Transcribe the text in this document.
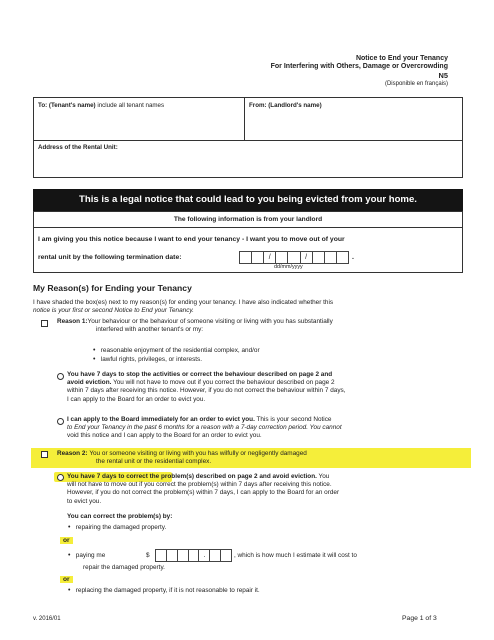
Notice to End your Tenancy
For Interfering with Others, Damage or Overcrowding
N5
(Disponible en français)
To: (Tenant's name) include all tenant names	From: (Landlord's name)
Address of the Rental Unit:
This is a legal notice that could lead to you being evicted from your home.
The following information is from your landlord
I am giving you this notice because I want to end your tenancy - I want you to move out of your
rental unit by the following termination date:	/	/	.
dd/mm/yyyy
My Reason(s) for Ending your Tenancy
I have shaded the box(es) next to my reason(s) for ending your tenancy. I have also indicated whether this
notice is your first or second Notice to End your Tenancy.
Reason 1:Your behaviour or the behaviour of someone visiting or living with you has substantially
interfered with another tenant's or my:
• reasonable enjoyment of the residential complex, and/or
• lawful rights, privileges, or interests.
You have 7 days to stop the activities or correct the behaviour described on page 2 and
avoid eviction. You will not have to move out if you correct the behaviour described on page 2
within 7 days after receiving this notice. However, if you do not correct the behaviour within 7 days,
I can apply to the Board for an order to evict you.
I can apply to the Board immediately for an order to evict you. This is your second Notice
to End your Tenancy in the past 6 months for a reason with a 7-day correction period. You cannot
void this notice and I can apply to the Board for an order to evict you.
Reason 2: You or someone visiting or living with you has wilfully or negligently damaged
the rental unit or the residential complex.
You have 7 days to correct the problem(s) described on page 2 and avoid eviction. You
will not have to move out if you correct the problem(s) within 7 days after receiving this notice.
However, if you do not correct the problem(s) within 7 days, I can apply to the Board for an order
to evict you.
You can correct the problem(s) by:
• repairing the damaged property.
or
• paying me	$	.	, which is how much I estimate it will cost to
repair the damaged property.
or
• replacing the damaged property, if it is not reasonable to repair it.
v. 2016/01	Page 1 of 3
